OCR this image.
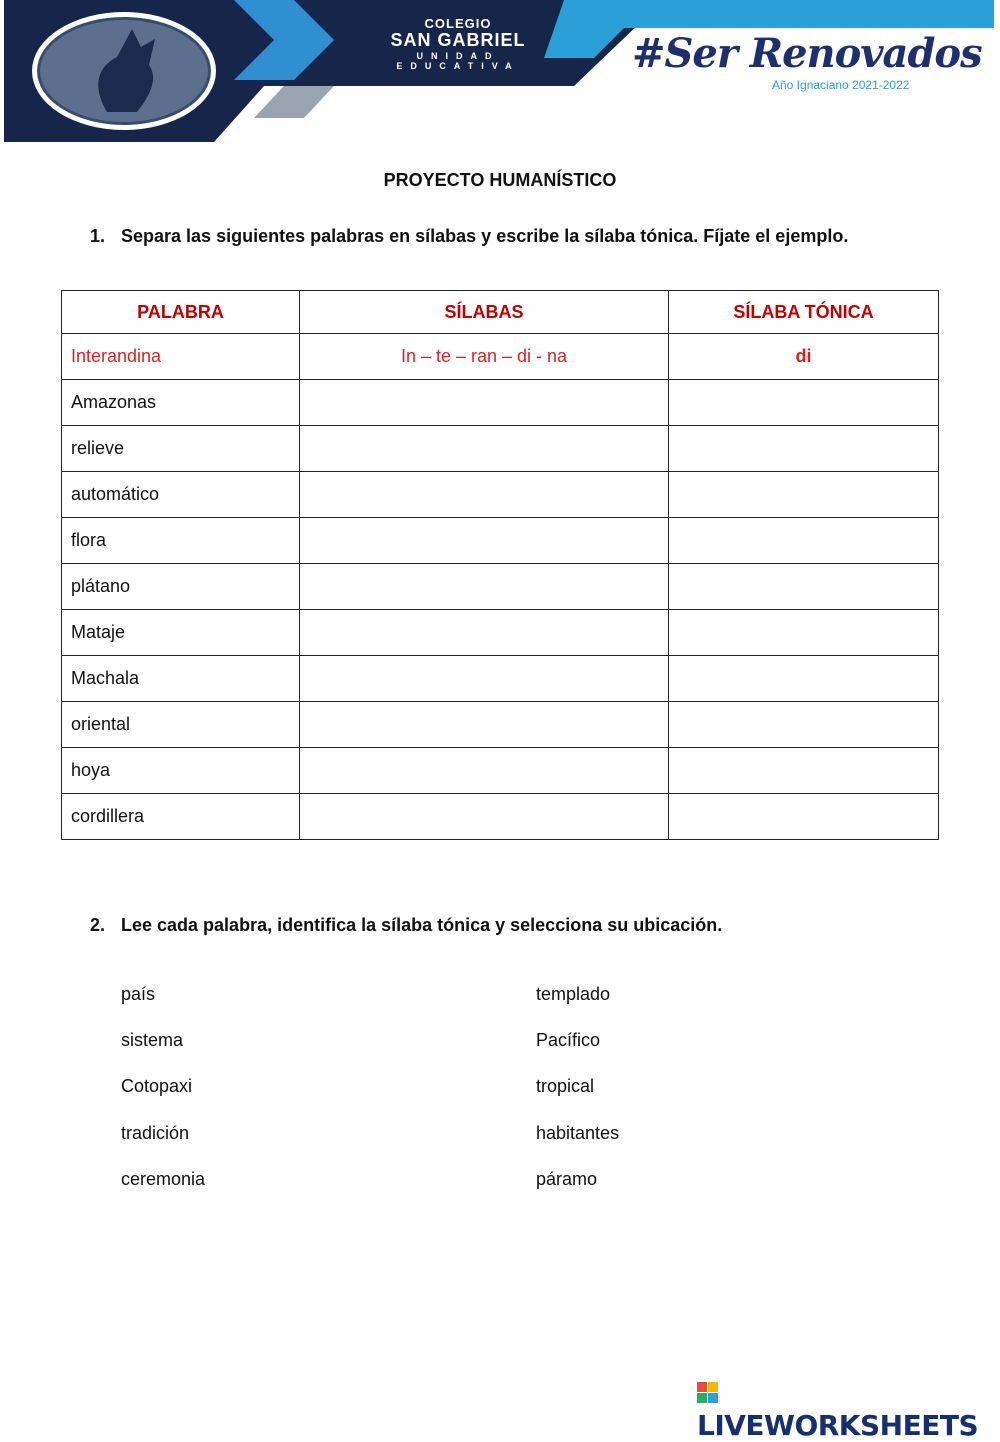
COLEGIO
SAN GABRIEL
UNIDAD EDUCATIVA	#Ser Renovados
Año Ignaciano 2021-2022
PROYECTO HUMANÍSTICO
1. Separa las siguientes palabras en sílabas y escribe la sílaba tónica. Fíjate el ejemplo.
PALABRA	SÍLABAS	SÍLABA TÓNICA
Interandina	In – te – ran – di - na	di
Amazonas		
relieve		
automático		
flora		
plátano		
Mataje		
Machala		
oriental		
hoya		
cordillera		
2. Lee cada palabra, identifica la sílaba tónica y selecciona su ubicación.
país
sistema
Cotopaxi
tradición
ceremonia
templado
Pacífico
tropical
habitantes
páramo
LIVEWORKSHEETS
